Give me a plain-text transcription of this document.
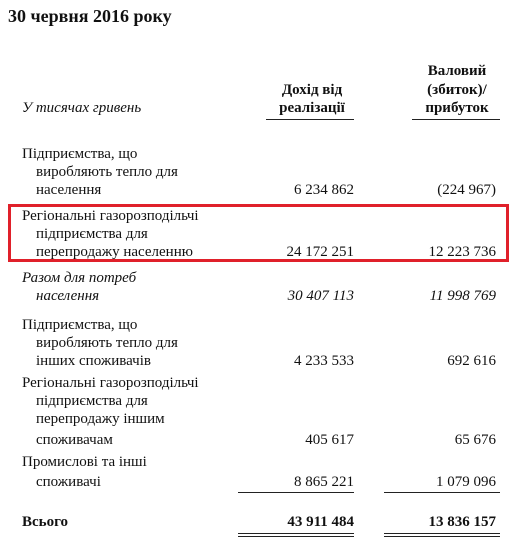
30 червня 2016 року
У тисячах гривень
Дохід від
реалізації
Валовий
(збиток)/
прибуток
Підприємства, що
виробляють тепло для
населення	6 234 862	(224 967)
Регіональні газорозподільчі
підприємства для
перепродажу населенню	24 172 251	12 223 736
Разом для потреб
населення	30 407 113	11 998 769
Підприємства, що
виробляють тепло для
інших споживачів	4 233 533	692 616
Регіональні газорозподільчі
підприємства для
перепродажу іншим
споживачам	405 617	65 676
Промислові та інші
споживачі	8 865 221	1 079 096
Всього	43 911 484	13 836 157
